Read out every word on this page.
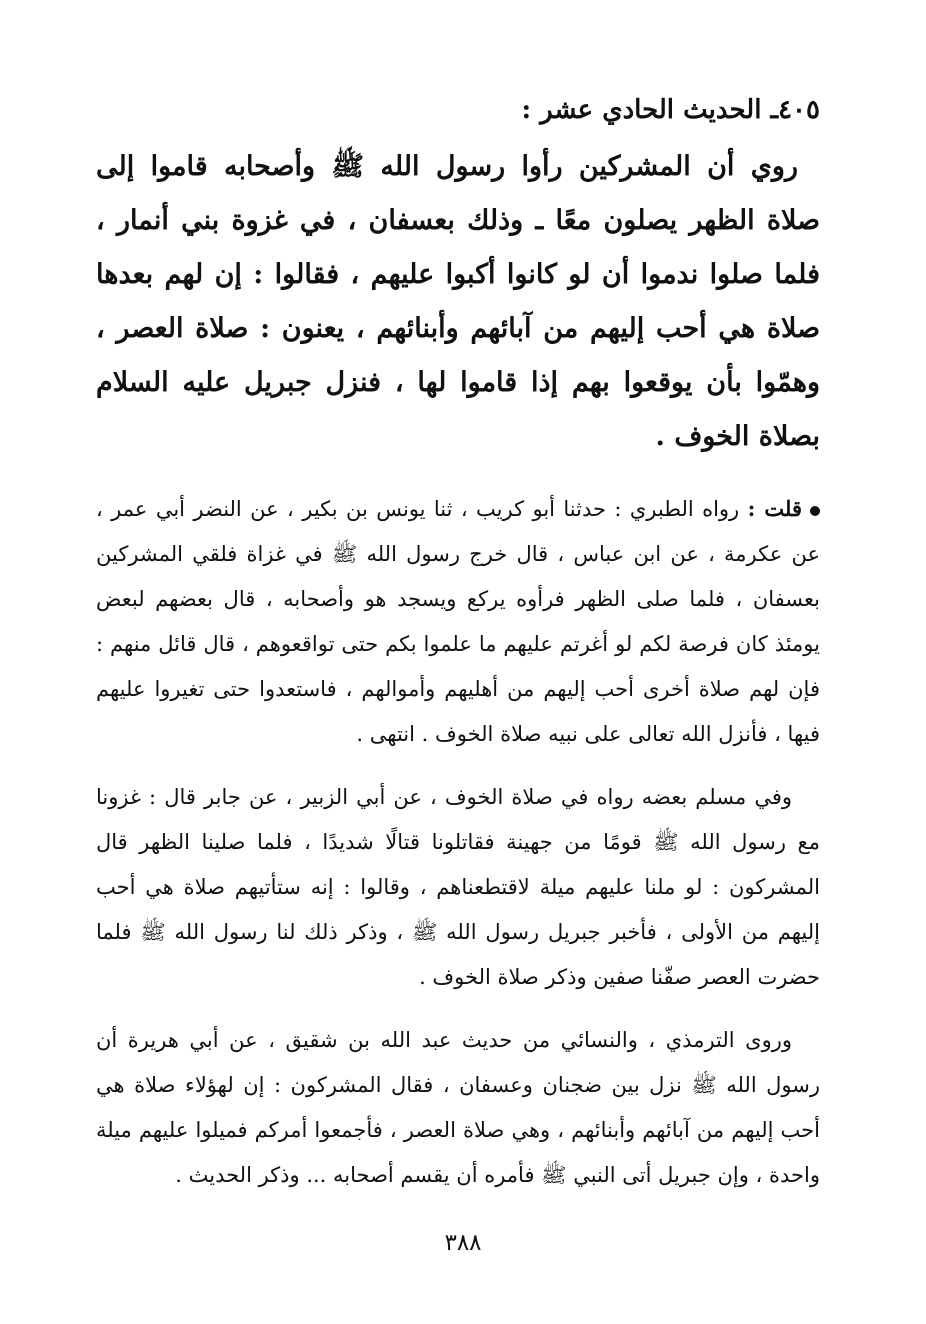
٤٠٥ـ الحديث الحادي عشر :

روي أن المشركين رأوا رسول الله ﷺ وأصحابه قاموا إلى صلاة الظهر يصلون معًا ـ وذلك بعسفان ، في غزوة بني أنمار ، فلما صلوا ندموا أن لو كانوا أكبوا عليهم ، فقالوا : إن لهم بعدها صلاة هي أحب إليهم من آبائهم وأبنائهم ، يعنون : صلاة العصر ، وهمّوا بأن يوقعوا بهم إذا قاموا لها ، فنزل جبريل عليه السلام بصلاة الخوف .

قلت : رواه الطبري : حدثنا أبو كريب ، ثنا يونس بن بكير ، عن النضر أبي عمر ، عن عكرمة ، عن ابن عباس ، قال خرج رسول الله ﷺ في غزاة فلقي المشركين بعسفان ، فلما صلى الظهر فرأوه يركع ويسجد هو وأصحابه ، قال بعضهم لبعض يومئذ كان فرصة لكم لو أغرتم عليهم ما علموا بكم حتى تواقعوهم ، قال قائل منهم : فإن لهم صلاة أخرى أحب إليهم من أهليهم وأموالهم ، فاستعدوا حتى تغيروا عليهم فيها ، فأنزل الله تعالى على نبيه صلاة الخوف . انتهى .

وفي مسلم بعضه رواه في صلاة الخوف ، عن أبي الزبير ، عن جابر قال : غزونا مع رسول الله ﷺ قومًا من جهينة فقاتلونا قتالًا شديدًا ، فلما صلينا الظهر قال المشركون : لو ملنا عليهم ميلة لاقتطعناهم ، وقالوا : إنه ستأتيهم صلاة هي أحب إليهم من الأولى ، فأخبر جبريل رسول الله ﷺ ، وذكر ذلك لنا رسول الله ﷺ فلما حضرت العصر صفّنا صفين وذكر صلاة الخوف .

وروى الترمذي ، والنسائي من حديث عبد الله بن شقيق ، عن أبي هريرة أن رسول الله ﷺ نزل بين ضجنان وعسفان ، فقال المشركون : إن لهؤلاء صلاة هي أحب إليهم من آبائهم وأبنائهم ، وهي صلاة العصر ، فأجمعوا أمركم فميلوا عليهم ميلة واحدة ، وإن جبريل أتى النبي ﷺ فأمره أن يقسم أصحابه ... وذكر الحديث .

٣٨٨
